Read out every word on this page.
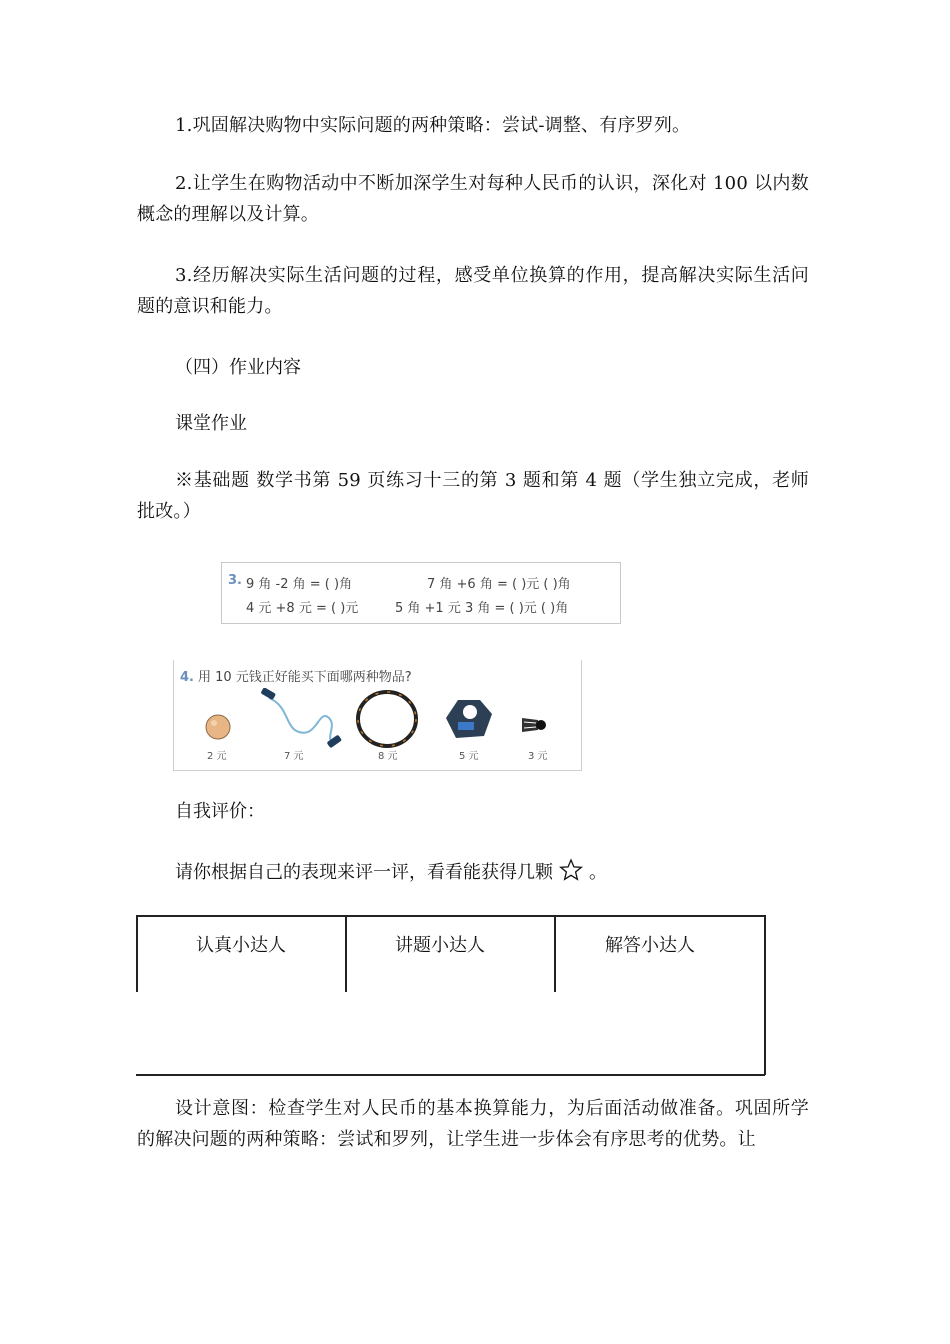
1.巩固解决购物中实际问题的两种策略：尝试-调整、有序罗列。

2.让学生在购物活动中不断加深学生对每种人民币的认识，深化对 100 以内数概念的理解以及计算。

3.经历解决实际生活问题的过程，感受单位换算的作用，提高解决实际生活问题的意识和能力。

（四）作业内容

课堂作业

※基础题 数学书第 59 页练习十三的第 3 题和第 4 题（学生独立完成，老师批改。）

3. 9 角 -2 角 = ( )角	7 角 +6 角 = ( )元 ( )角
4 元 +8 元 = ( )元	5 角 +1 元 3 角 = ( )元 ( )角
4. 用 10 元钱正好能买下面哪两种物品?
2 元	7 元	8 元	5 元	3 元

自我评价：

请你根据自己的表现来评一评，看看能获得几颗 。

认真小达人	讲题小达人	解答小达人

设计意图：检查学生对人民币的基本换算能力，为后面活动做准备。巩固所学的解决问题的两种策略：尝试和罗列，让学生进一步体会有序思考的优势。让
